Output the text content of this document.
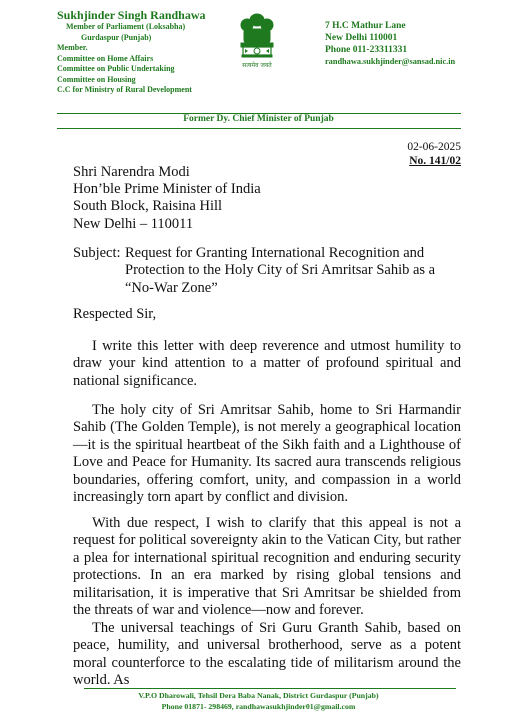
Sukhjinder Singh Randhawa
Member of Parliament (Loksabha)
Gurdaspur (Punjab)
Member.
Committee on Home Affairs
Committee on Public Undertaking
Committee on Housing
C.C for Ministry of Rural Development
सत्यमेव जयते
7 H.C Mathur Lane
New Delhi 110001
Phone 011-23311331
randhawa.sukhjinder@sansad.nic.in
Former Dy. Chief Minister of Punjab
02-06-2025
No. 141/02
Shri Narendra Modi
Hon’ble Prime Minister of India
South Block, Raisina Hill
New Delhi – 110011
Subject:	Request for Granting International Recognition and Protection to the Holy City of Sri Amritsar Sahib as a “No-War Zone”
Respected Sir,
I write this letter with deep reverence and utmost humility to draw your kind attention to a matter of profound spiritual and national significance.
The holy city of Sri Amritsar Sahib, home to Sri Harmandir Sahib (The Golden Temple), is not merely a geographical location—it is the spiritual heartbeat of the Sikh faith and a Lighthouse of Love and Peace for Humanity. Its sacred aura transcends religious boundaries, offering comfort, unity, and compassion in a world increasingly torn apart by conflict and division.
With due respect, I wish to clarify that this appeal is not a request for political sovereignty akin to the Vatican City, but rather a plea for international spiritual recognition and enduring security protections. In an era marked by rising global tensions and militarisation, it is imperative that Sri Amritsar be shielded from the threats of war and violence—now and forever.
The universal teachings of Sri Guru Granth Sahib, based on peace, humility, and universal brotherhood, serve as a potent moral counterforce to the escalating tide of militarism around the world. As
V.P.O Dharowali, Tehsil Dera Baba Nanak, District Gurdaspur (Punjab)
Phone 01871- 298469, randhawasukhjinder01@gmail.com
